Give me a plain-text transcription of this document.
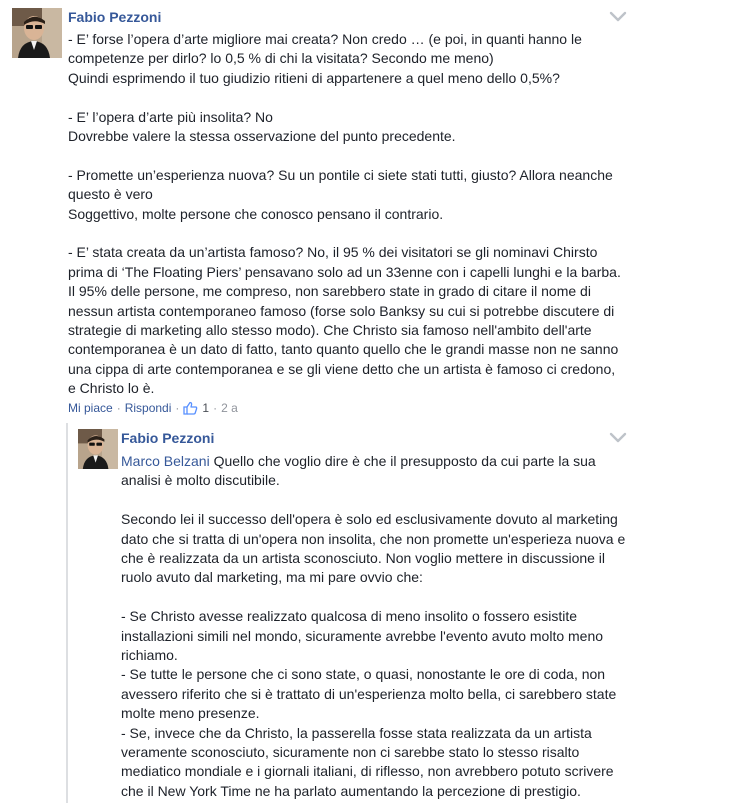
Fabio Pezzoni

- E’ forse l’opera d’arte migliore mai creata? Non credo … (e poi, in quanti hanno le

competenze per dirlo? lo 0,5 % di chi la visitata? Secondo me meno)

Quindi esprimendo il tuo giudizio ritieni di appartenere a quel meno dello 0,5%?

- E’ l’opera d’arte più insolita? No

Dovrebbe valere la stessa osservazione del punto precedente.

- Promette un’esperienza nuova? Su un pontile ci siete stati tutti, giusto? Allora neanche

questo è vero

Soggettivo, molte persone che conosco pensano il contrario.

- E’ stata creata da un’artista famoso? No, il 95 % dei visitatori se gli nominavi Chirsto

prima di ‘The Floating Piers’ pensavano solo ad un 33enne con i capelli lunghi e la barba.

Il 95% delle persone, me compreso, non sarebbero state in grado di citare il nome di

nessun artista contemporaneo famoso (forse solo Banksy su cui si potrebbe discutere di

strategie di marketing allo stesso modo). Che Christo sia famoso nell'ambito dell'arte

contemporanea è un dato di fatto, tanto quanto quello che le grandi masse non ne sanno

una cippa di arte contemporanea e se gli viene detto che un artista è famoso ci credono,

e Christo lo è.

Mi piace · Rispondi · 1 · 2 a
Fabio Pezzoni

Marco Belzani Quello che voglio dire è che il presupposto da cui parte la sua

analisi è molto discutibile.

Secondo lei il successo dell'opera è solo ed esclusivamente dovuto al marketing

dato che si tratta di un'opera non insolita, che non promette un'esperieza nuova e

che è realizzata da un artista sconosciuto. Non voglio mettere in discussione il

ruolo avuto dal marketing, ma mi pare ovvio che:

- Se Christo avesse realizzato qualcosa di meno insolito o fossero esistite

installazioni simili nel mondo, sicuramente avrebbe l'evento avuto molto meno

richiamo.

- Se tutte le persone che ci sono state, o quasi, nonostante le ore di coda, non

avessero riferito che si è trattato di un'esperienza molto bella, ci sarebbero state

molte meno presenze.

- Se, invece che da Christo, la passerella fosse stata realizzata da un artista

veramente sconosciuto, sicuramente non ci sarebbe stato lo stesso risalto

mediatico mondiale e i giornali italiani, di riflesso, non avrebbero potuto scrivere

che il New York Time ne ha parlato aumentando la percezione di prestigio.
